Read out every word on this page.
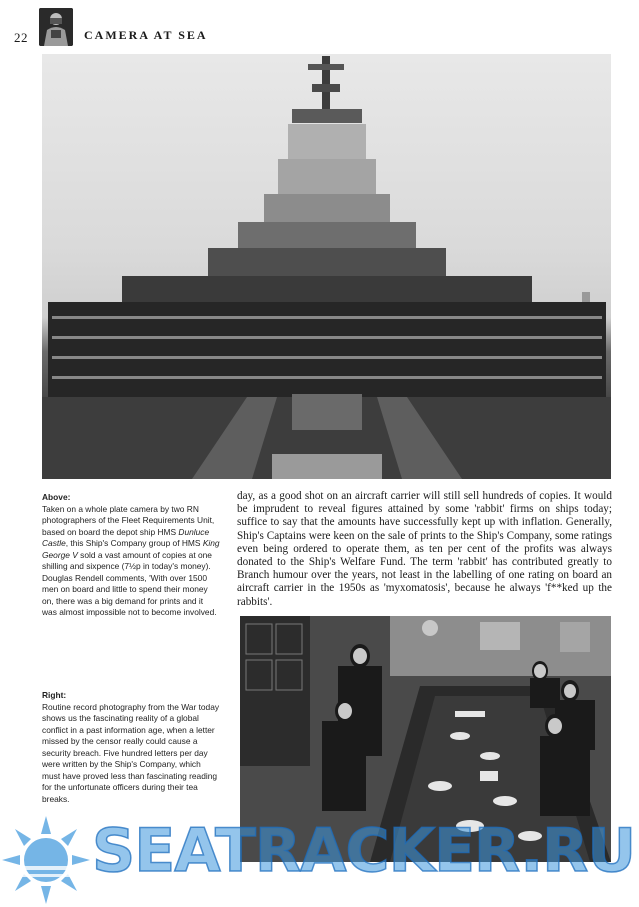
22	CAMERA AT SEA
Above:
Taken on a whole plate camera by two RN photographers of the Fleet Requirements Unit, based on board the depot ship HMS Dunluce Castle, this Ship's Company group of HMS King George V sold a vast amount of copies at one shilling and sixpence (7½p in today's money). Douglas Rendell comments, 'With over 1500 men on board and little to spend their money on, there was a big demand for prints and it was almost impossible not to become involved.
day, as a good shot on an aircraft carrier will still sell hundreds of copies. It would be imprudent to reveal figures attained by some 'rabbit' firms on ships today; suffice to say that the amounts have successfully kept up with inflation. Generally, Ship's Captains were keen on the sale of prints to the Ship's Company, some ratings even being ordered to operate them, as ten per cent of the profits was always donated to the Ship's Welfare Fund. The term 'rabbit' has contributed greatly to Branch humour over the years, not least in the labelling of one rating on board an aircraft carrier in the 1950s as 'myxomatosis', because he always 'f**ked up the rabbits'.
Right:
Routine record photography from the War today shows us the fascinating reality of a global conflict in a past information age, when a letter missed by the censor really could cause a security breach. Five hundred letters per day were written by the Ship's Company, which must have proved less than fascinating reading for the unfortunate officers during their tea breaks.
SEATRACKER.RU
